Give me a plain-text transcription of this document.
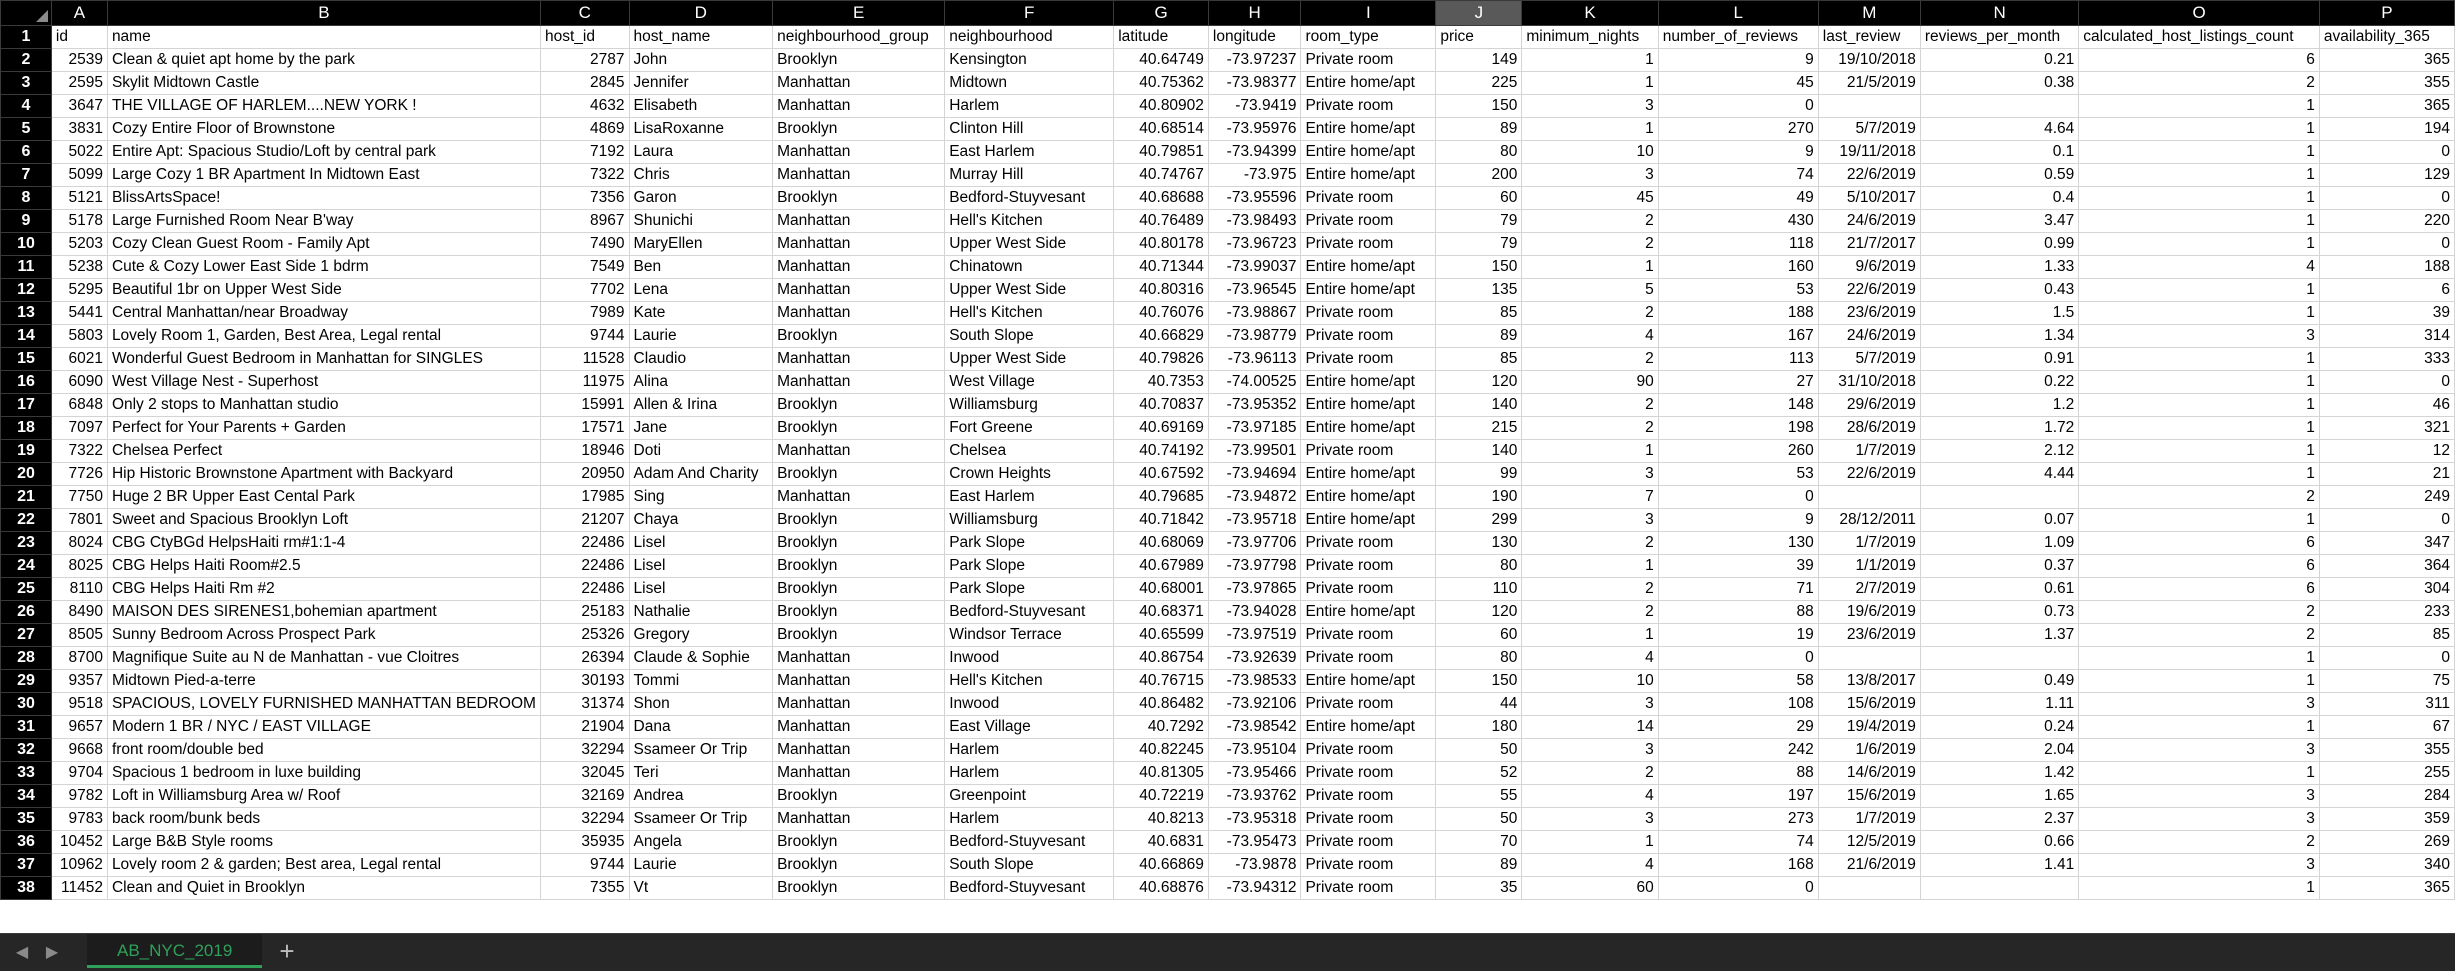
	A	B	C	D	E	F	G	H	I	J	K	L	M	N	O	P
1	id	name	host_id	host_name	neighbourhood_group	neighbourhood	latitude	longitude	room_type	price	minimum_nights	number_of_reviews	last_review	reviews_per_month	calculated_host_listings_count	availability_365
2	2539	Clean & quiet apt home by the park	2787	John	Brooklyn	Kensington	40.64749	-73.97237	Private room	149	1	9	19/10/2018	0.21	6	365
3	2595	Skylit Midtown Castle	2845	Jennifer	Manhattan	Midtown	40.75362	-73.98377	Entire home/apt	225	1	45	21/5/2019	0.38	2	355
4	3647	THE VILLAGE OF HARLEM....NEW YORK !	4632	Elisabeth	Manhattan	Harlem	40.80902	-73.9419	Private room	150	3	0			1	365
5	3831	Cozy Entire Floor of Brownstone	4869	LisaRoxanne	Brooklyn	Clinton Hill	40.68514	-73.95976	Entire home/apt	89	1	270	5/7/2019	4.64	1	194
6	5022	Entire Apt: Spacious Studio/Loft by central park	7192	Laura	Manhattan	East Harlem	40.79851	-73.94399	Entire home/apt	80	10	9	19/11/2018	0.1	1	0
7	5099	Large Cozy 1 BR Apartment In Midtown East	7322	Chris	Manhattan	Murray Hill	40.74767	-73.975	Entire home/apt	200	3	74	22/6/2019	0.59	1	129
8	5121	BlissArtsSpace!	7356	Garon	Brooklyn	Bedford-Stuyvesant	40.68688	-73.95596	Private room	60	45	49	5/10/2017	0.4	1	0
9	5178	Large Furnished Room Near B'way	8967	Shunichi	Manhattan	Hell's Kitchen	40.76489	-73.98493	Private room	79	2	430	24/6/2019	3.47	1	220
10	5203	Cozy Clean Guest Room - Family Apt	7490	MaryEllen	Manhattan	Upper West Side	40.80178	-73.96723	Private room	79	2	118	21/7/2017	0.99	1	0
11	5238	Cute & Cozy Lower East Side 1 bdrm	7549	Ben	Manhattan	Chinatown	40.71344	-73.99037	Entire home/apt	150	1	160	9/6/2019	1.33	4	188
12	5295	Beautiful 1br on Upper West Side	7702	Lena	Manhattan	Upper West Side	40.80316	-73.96545	Entire home/apt	135	5	53	22/6/2019	0.43	1	6
13	5441	Central Manhattan/near Broadway	7989	Kate	Manhattan	Hell's Kitchen	40.76076	-73.98867	Private room	85	2	188	23/6/2019	1.5	1	39
14	5803	Lovely Room 1, Garden, Best Area, Legal rental	9744	Laurie	Brooklyn	South Slope	40.66829	-73.98779	Private room	89	4	167	24/6/2019	1.34	3	314
15	6021	Wonderful Guest Bedroom in Manhattan for SINGLES	11528	Claudio	Manhattan	Upper West Side	40.79826	-73.96113	Private room	85	2	113	5/7/2019	0.91	1	333
16	6090	West Village Nest - Superhost	11975	Alina	Manhattan	West Village	40.7353	-74.00525	Entire home/apt	120	90	27	31/10/2018	0.22	1	0
17	6848	Only 2 stops to Manhattan studio	15991	Allen & Irina	Brooklyn	Williamsburg	40.70837	-73.95352	Entire home/apt	140	2	148	29/6/2019	1.2	1	46
18	7097	Perfect for Your Parents + Garden	17571	Jane	Brooklyn	Fort Greene	40.69169	-73.97185	Entire home/apt	215	2	198	28/6/2019	1.72	1	321
19	7322	Chelsea Perfect	18946	Doti	Manhattan	Chelsea	40.74192	-73.99501	Private room	140	1	260	1/7/2019	2.12	1	12
20	7726	Hip Historic Brownstone Apartment with Backyard	20950	Adam And Charity	Brooklyn	Crown Heights	40.67592	-73.94694	Entire home/apt	99	3	53	22/6/2019	4.44	1	21
21	7750	Huge 2 BR Upper East Cental Park	17985	Sing	Manhattan	East Harlem	40.79685	-73.94872	Entire home/apt	190	7	0			2	249
22	7801	Sweet and Spacious Brooklyn Loft	21207	Chaya	Brooklyn	Williamsburg	40.71842	-73.95718	Entire home/apt	299	3	9	28/12/2011	0.07	1	0
23	8024	CBG CtyBGd HelpsHaiti rm#1:1-4	22486	Lisel	Brooklyn	Park Slope	40.68069	-73.97706	Private room	130	2	130	1/7/2019	1.09	6	347
24	8025	CBG Helps Haiti Room#2.5	22486	Lisel	Brooklyn	Park Slope	40.67989	-73.97798	Private room	80	1	39	1/1/2019	0.37	6	364
25	8110	CBG Helps Haiti Rm #2	22486	Lisel	Brooklyn	Park Slope	40.68001	-73.97865	Private room	110	2	71	2/7/2019	0.61	6	304
26	8490	MAISON DES SIRENES1,bohemian apartment	25183	Nathalie	Brooklyn	Bedford-Stuyvesant	40.68371	-73.94028	Entire home/apt	120	2	88	19/6/2019	0.73	2	233
27	8505	Sunny Bedroom Across Prospect Park	25326	Gregory	Brooklyn	Windsor Terrace	40.65599	-73.97519	Private room	60	1	19	23/6/2019	1.37	2	85
28	8700	Magnifique Suite au N de Manhattan - vue Cloitres	26394	Claude & Sophie	Manhattan	Inwood	40.86754	-73.92639	Private room	80	4	0			1	0
29	9357	Midtown Pied-a-terre	30193	Tommi	Manhattan	Hell's Kitchen	40.76715	-73.98533	Entire home/apt	150	10	58	13/8/2017	0.49	1	75
30	9518	SPACIOUS, LOVELY FURNISHED MANHATTAN BEDROOM	31374	Shon	Manhattan	Inwood	40.86482	-73.92106	Private room	44	3	108	15/6/2019	1.11	3	311
31	9657	Modern 1 BR / NYC / EAST VILLAGE	21904	Dana	Manhattan	East Village	40.7292	-73.98542	Entire home/apt	180	14	29	19/4/2019	0.24	1	67
32	9668	front room/double bed	32294	Ssameer Or Trip	Manhattan	Harlem	40.82245	-73.95104	Private room	50	3	242	1/6/2019	2.04	3	355
33	9704	Spacious 1 bedroom in luxe building	32045	Teri	Manhattan	Harlem	40.81305	-73.95466	Private room	52	2	88	14/6/2019	1.42	1	255
34	9782	Loft in Williamsburg Area w/ Roof	32169	Andrea	Brooklyn	Greenpoint	40.72219	-73.93762	Private room	55	4	197	15/6/2019	1.65	3	284
35	9783	back room/bunk beds	32294	Ssameer Or Trip	Manhattan	Harlem	40.8213	-73.95318	Private room	50	3	273	1/7/2019	2.37	3	359
36	10452	Large B&B Style rooms	35935	Angela	Brooklyn	Bedford-Stuyvesant	40.6831	-73.95473	Private room	70	1	74	12/5/2019	0.66	2	269
37	10962	Lovely room 2 & garden; Best area, Legal rental	9744	Laurie	Brooklyn	South Slope	40.66869	-73.9878	Private room	89	4	168	21/6/2019	1.41	3	340
38	11452	Clean and Quiet in Brooklyn	7355	Vt	Brooklyn	Bedford-Stuyvesant	40.68876	-73.94312	Private room	35	60	0			1	365
◀ ▶	AB_NYC_2019	+
